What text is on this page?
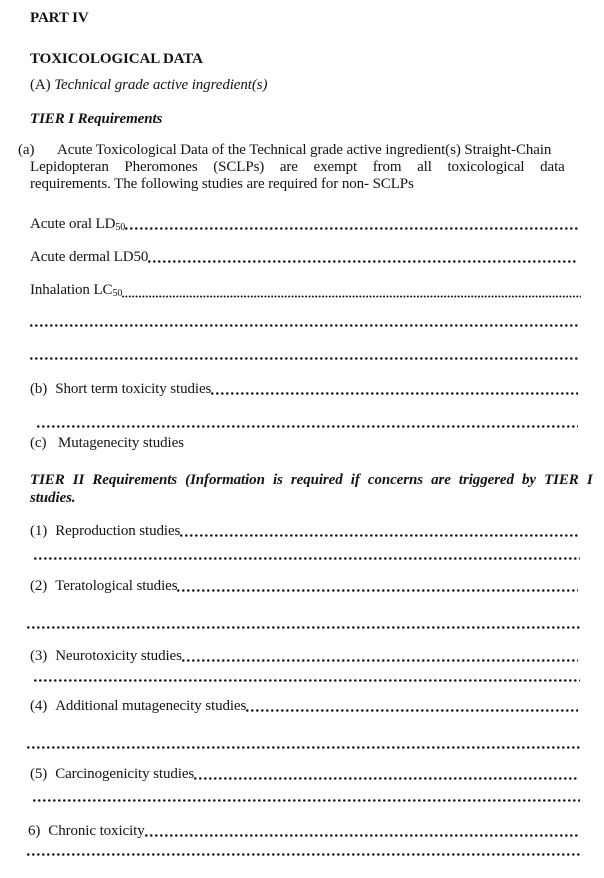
PART IV
TOXICOLOGICAL DATA
(A) Technical grade active ingredient(s)
TIER I Requirements
(a)	Acute Toxicological Data of the Technical grade active ingredient(s) Straight-Chain
Lepidopteran Pheromones (SCLPs) are exempt from all toxicological data
requirements. The following studies are required for non- SCLPs
Acute oral LD 50
Acute dermal LD50
Inhalation LC 50
(b) Short term toxicity studies
(c) Mutagenecity studies
TIER II Requirements (Information is required if concerns are triggered by TIER I
studies.
(1) Reproduction studies
(2) Teratological studies
(3) Neurotoxicity studies
(4) Additional mutagenecity studies
(5) Carcinogenicity studies
6) Chronic toxicity
